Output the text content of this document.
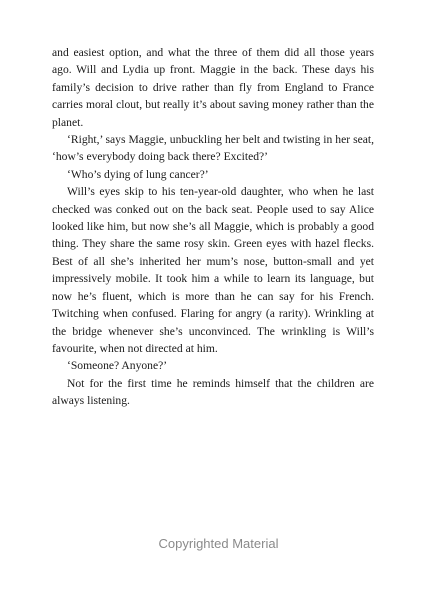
and easiest option, and what the three of them did all those years ago. Will and Lydia up front. Maggie in the back. These days his family’s decision to drive rather than fly from England to France carries moral clout, but really it’s about saving money rather than the planet.

‘Right,’ says Maggie, unbuckling her belt and twisting in her seat, ‘how’s everybody doing back there? Excited?’

‘Who’s dying of lung cancer?’

Will’s eyes skip to his ten-year-old daughter, who when he last checked was conked out on the back seat. People used to say Alice looked like him, but now she’s all Maggie, which is probably a good thing. They share the same rosy skin. Green eyes with hazel flecks. Best of all she’s inherited her mum’s nose, button-small and yet impressively mobile. It took him a while to learn its language, but now he’s fluent, which is more than he can say for his French. Twitching when confused. Flaring for angry (a rarity). Wrinkling at the bridge whenever she’s unconvinced. The wrinkling is Will’s favourite, when not directed at him.

‘Someone? Anyone?’

Not for the first time he reminds himself that the children are always listening.

Copyrighted Material
